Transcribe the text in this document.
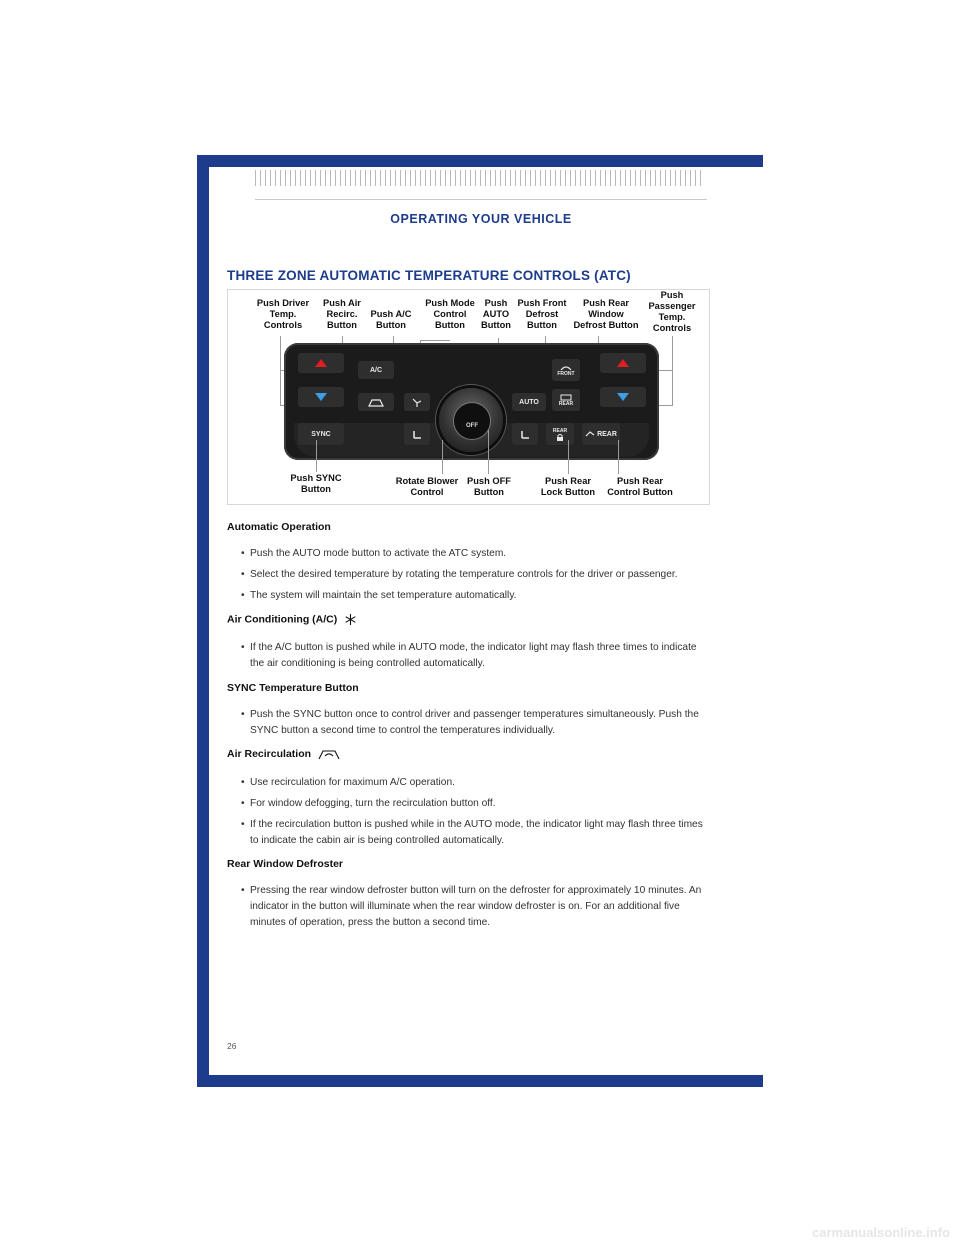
OPERATING YOUR VEHICLE
THREE ZONE AUTOMATIC TEMPERATURE CONTROLS (ATC)
Push Driver
Temp.
Controls
Push Air
Recirc.
Button
Push A/C
Button
Push Mode
Control
Button
Push
AUTO
Button
Push Front
Defrost
Button
Push Rear
Window
Defrost Button
Push
Passenger
Temp.
Controls
SYNC
A/C
OFF
AUTO
FRONT
REAR
REAR	REAR
Push SYNC
Button
Rotate Blower
Control
Push OFF
Button
Push Rear
Lock Button
Push Rear
Control Button
Automatic Operation
• Push the AUTO mode button to activate the ATC system.
• Select the desired temperature by rotating the temperature controls for the driver or passenger.
• The system will maintain the set temperature automatically.
Air Conditioning (A/C)
• If the A/C button is pushed while in AUTO mode, the indicator light may flash three times to indicate the air conditioning is being controlled automatically.
SYNC Temperature Button
• Push the SYNC button once to control driver and passenger temperatures simultaneously. Push the SYNC button a second time to control the temperatures individually.
Air Recirculation
• Use recirculation for maximum A/C operation.
• For window defogging, turn the recirculation button off.
• If the recirculation button is pushed while in the AUTO mode, the indicator light may flash three times to indicate the cabin air is being controlled automatically.
Rear Window Defroster
• Pressing the rear window defroster button will turn on the defroster for approximately 10 minutes. An indicator in the button will illuminate when the rear window defroster is on. For an additional five minutes of operation, press the button a second time.
26
carmanualsonline.info
